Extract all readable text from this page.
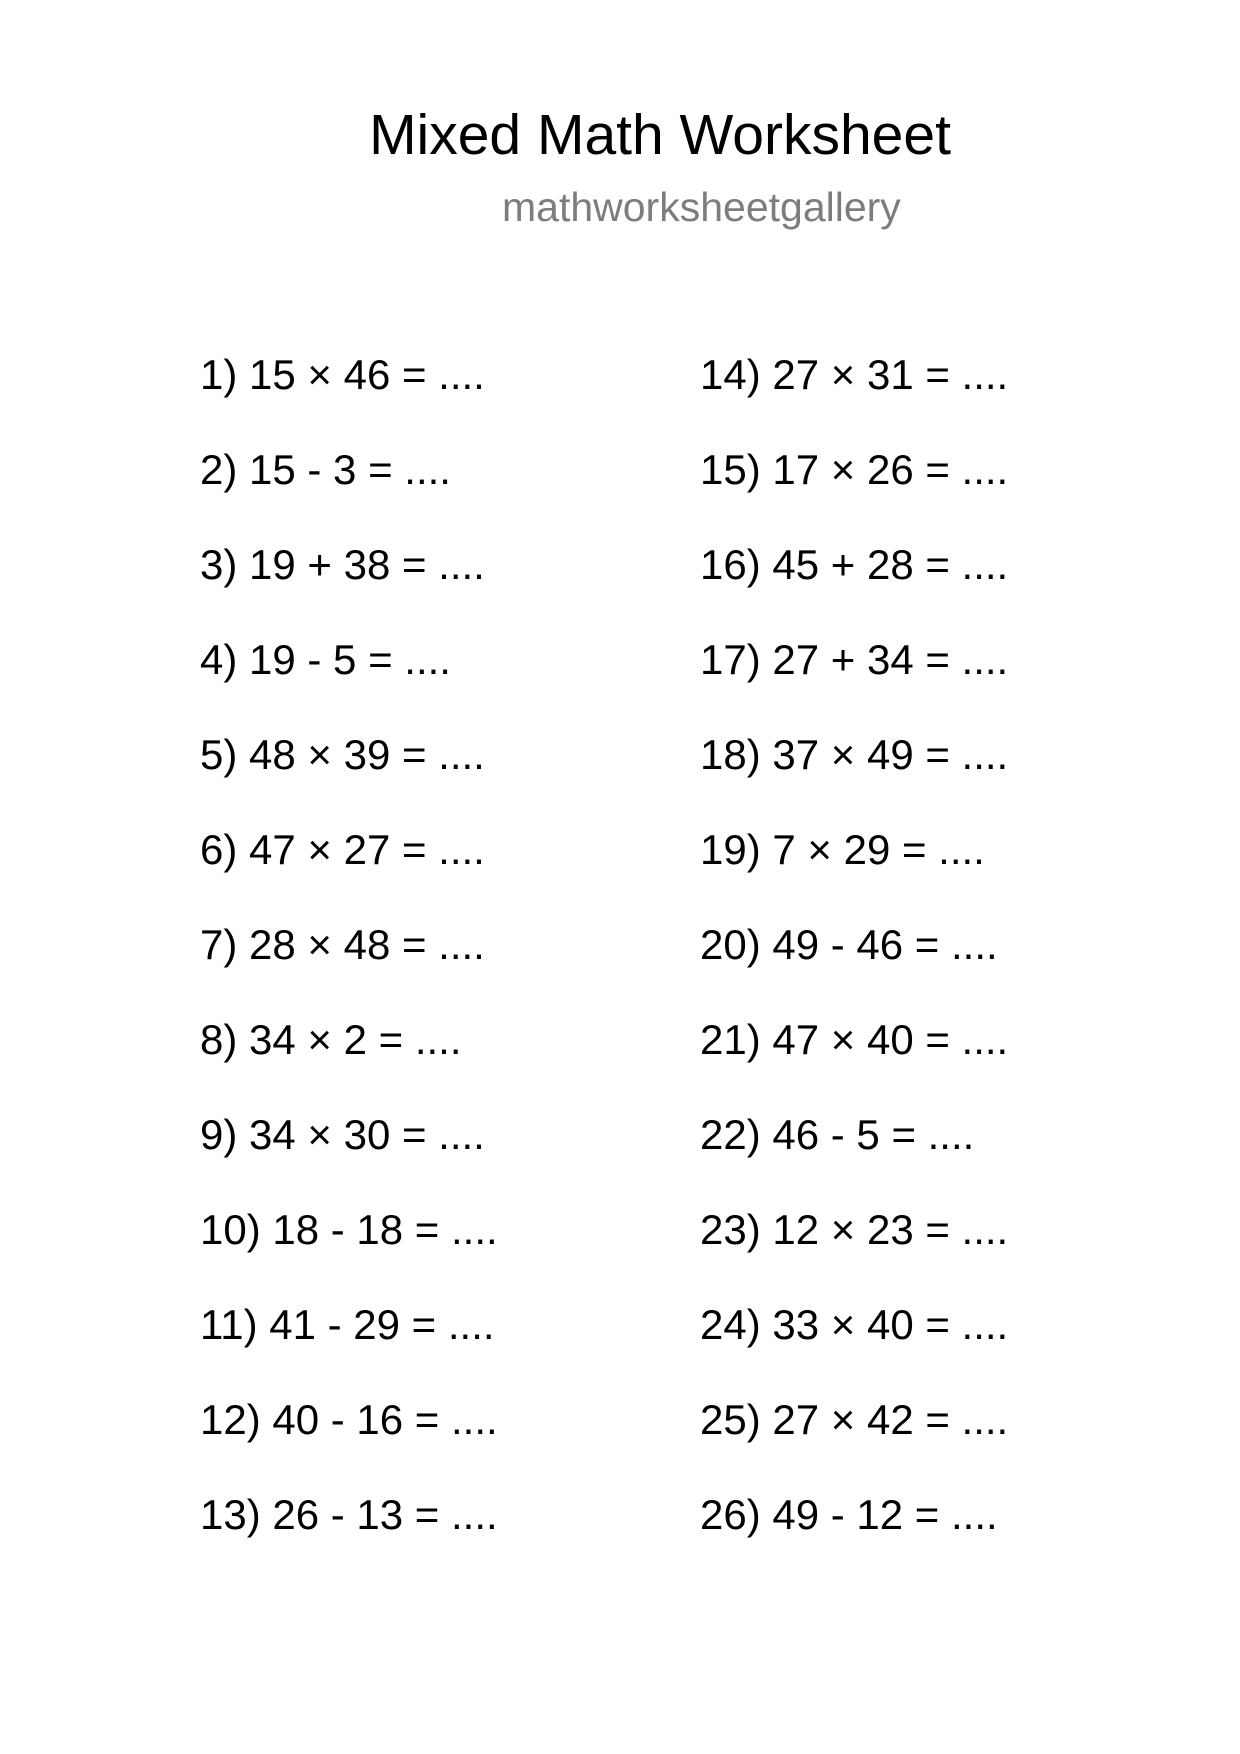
Mixed Math Worksheet
mathworksheetgallery
1) 15 × 46 = ....
2) 15 - 3 = ....
3) 19 + 38 = ....
4) 19 - 5 = ....
5) 48 × 39 = ....
6) 47 × 27 = ....
7) 28 × 48 = ....
8) 34 × 2 = ....
9) 34 × 30 = ....
10) 18 - 18 = ....
11) 41 - 29 = ....
12) 40 - 16 = ....
13) 26 - 13 = ....
14) 27 × 31 = ....
15) 17 × 26 = ....
16) 45 + 28 = ....
17) 27 + 34 = ....
18) 37 × 49 = ....
19) 7 × 29 = ....
20) 49 - 46 = ....
21) 47 × 40 = ....
22) 46 - 5 = ....
23) 12 × 23 = ....
24) 33 × 40 = ....
25) 27 × 42 = ....
26) 49 - 12 = ....
